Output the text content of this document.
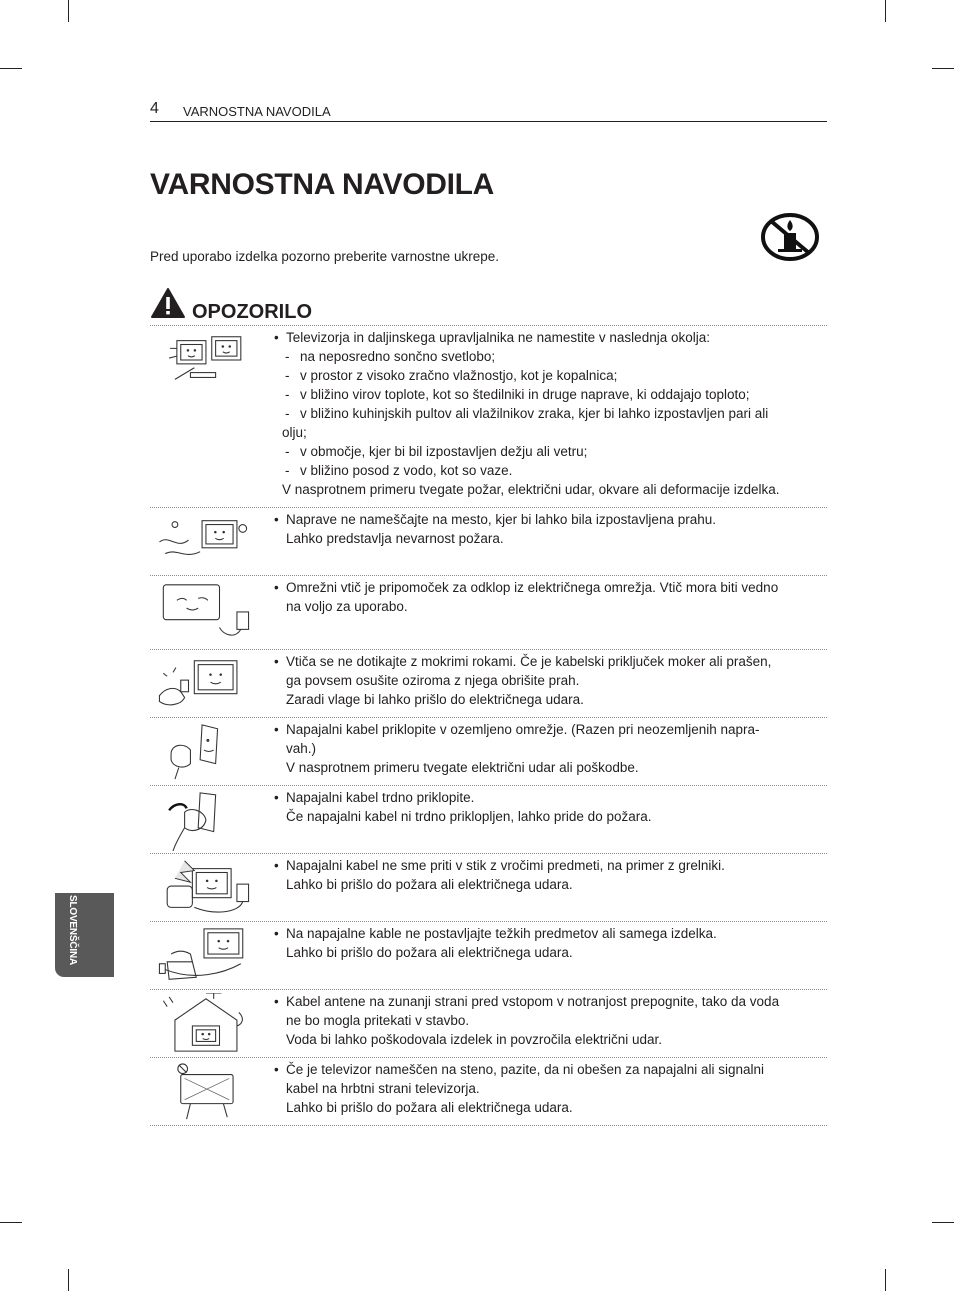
4 VARNOSTNA NAVODILA
VARNOSTNA NAVODILA

Pred uporabo izdelka pozorno preberite varnostne ukrepe.

OPOZORILO
• Televizorja in daljinskega upravljalnika ne namestite v naslednja okolja:
- na neposredno sončno svetlobo;
- v prostor z visoko zračno vlažnostjo, kot je kopalnica;
- v bližino virov toplote, kot so štedilniki in druge naprave, ki oddajajo toploto;
- v bližino kuhinjskih pultov ali vlažilnikov zraka, kjer bi lahko izpostavljen pari ali
olju;
- v območje, kjer bi bil izpostavljen dežju ali vetru;
- v bližino posod z vodo, kot so vaze.
V nasprotnem primeru tvegate požar, električni udar, okvare ali deformacije izdelka.
• Naprave ne nameščajte na mesto, kjer bi lahko bila izpostavljena prahu.
Lahko predstavlja nevarnost požara.
• Omrežni vtič je pripomoček za odklop iz električnega omrežja. Vtič mora biti vedno
na voljo za uporabo.
• Vtiča se ne dotikajte z mokrimi rokami. Če je kabelski priključek moker ali prašen,
ga povsem osušite oziroma z njega obrišite prah.
Zaradi vlage bi lahko prišlo do električnega udara.
• Napajalni kabel priklopite v ozemljeno omrežje. (Razen pri neozemljenih napra-
vah.)
V nasprotnem primeru tvegate električni udar ali poškodbe.
• Napajalni kabel trdno priklopite.
Če napajalni kabel ni trdno priklopljen, lahko pride do požara.
• Napajalni kabel ne sme priti v stik z vročimi predmeti, na primer z grelniki.
Lahko bi prišlo do požara ali električnega udara.
• Na napajalne kable ne postavljajte težkih predmetov ali samega izdelka.
Lahko bi prišlo do požara ali električnega udara.
• Kabel antene na zunanji strani pred vstopom v notranjost prepognite, tako da voda
ne bo mogla pritekati v stavbo.
Voda bi lahko poškodovala izdelek in povzročila električni udar.
• Če je televizor nameščen na steno, pazite, da ni obešen za napajalni ali signalni
kabel na hrbtni strani televizorja.
Lahko bi prišlo do požara ali električnega udara.
SLOVENŠČINA
